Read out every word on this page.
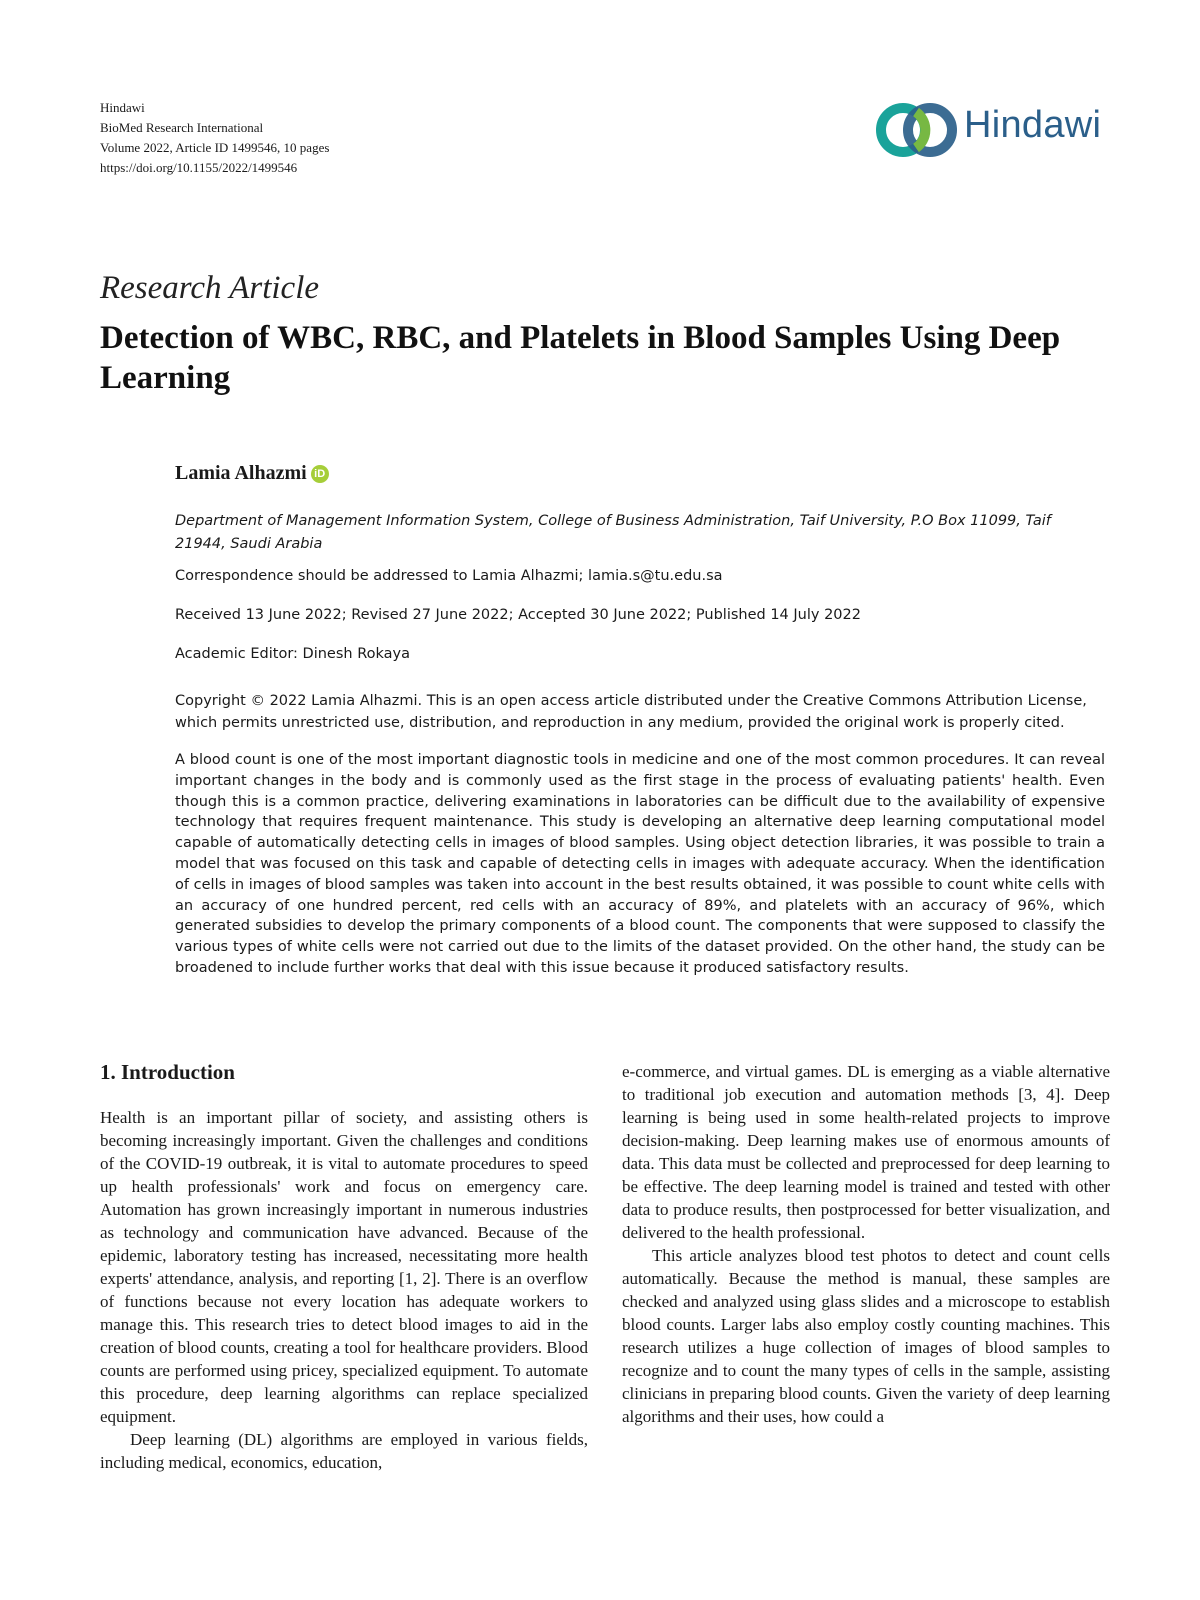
Hindawi
BioMed Research International
Volume 2022, Article ID 1499546, 10 pages
https://doi.org/10.1155/2022/1499546
Hindawi
Research Article
Detection of WBC, RBC, and Platelets in Blood Samples Using Deep Learning
Lamia Alhazmi iD
Department of Management Information System, College of Business Administration, Taif University, P.O Box 11099, Taif 21944, Saudi Arabia
Correspondence should be addressed to Lamia Alhazmi; lamia.s@tu.edu.sa
Received 13 June 2022; Revised 27 June 2022; Accepted 30 June 2022; Published 14 July 2022
Academic Editor: Dinesh Rokaya
Copyright © 2022 Lamia Alhazmi. This is an open access article distributed under the Creative Commons Attribution License, which permits unrestricted use, distribution, and reproduction in any medium, provided the original work is properly cited.
A blood count is one of the most important diagnostic tools in medicine and one of the most common procedures. It can reveal important changes in the body and is commonly used as the first stage in the process of evaluating patients' health. Even though this is a common practice, delivering examinations in laboratories can be difficult due to the availability of expensive technology that requires frequent maintenance. This study is developing an alternative deep learning computational model capable of automatically detecting cells in images of blood samples. Using object detection libraries, it was possible to train a model that was focused on this task and capable of detecting cells in images with adequate accuracy. When the identification of cells in images of blood samples was taken into account in the best results obtained, it was possible to count white cells with an accuracy of one hundred percent, red cells with an accuracy of 89%, and platelets with an accuracy of 96%, which generated subsidies to develop the primary components of a blood count. The components that were supposed to classify the various types of white cells were not carried out due to the limits of the dataset provided. On the other hand, the study can be broadened to include further works that deal with this issue because it produced satisfactory results.
1. Introduction

Health is an important pillar of society, and assisting others is becoming increasingly important. Given the challenges and conditions of the COVID-19 outbreak, it is vital to automate procedures to speed up health professionals' work and focus on emergency care. Automation has grown increasingly important in numerous industries as technology and communication have advanced. Because of the epidemic, laboratory testing has increased, necessitating more health experts' attendance, analysis, and reporting [1, 2]. There is an overflow of functions because not every location has adequate workers to manage this. This research tries to detect blood images to aid in the creation of blood counts, creating a tool for healthcare providers. Blood counts are performed using pricey, specialized equipment. To automate this procedure, deep learning algorithms can replace specialized equipment.

Deep learning (DL) algorithms are employed in various fields, including medical, economics, education,

e-commerce, and virtual games. DL is emerging as a viable alternative to traditional job execution and automation methods [3, 4]. Deep learning is being used in some health-related projects to improve decision-making. Deep learning makes use of enormous amounts of data. This data must be collected and preprocessed for deep learning to be effective. The deep learning model is trained and tested with other data to produce results, then postprocessed for better visualization, and delivered to the health professional.

This article analyzes blood test photos to detect and count cells automatically. Because the method is manual, these samples are checked and analyzed using glass slides and a microscope to establish blood counts. Larger labs also employ costly counting machines. This research utilizes a huge collection of images of blood samples to recognize and to count the many types of cells in the sample, assisting clinicians in preparing blood counts. Given the variety of deep learning algorithms and their uses, how could a
